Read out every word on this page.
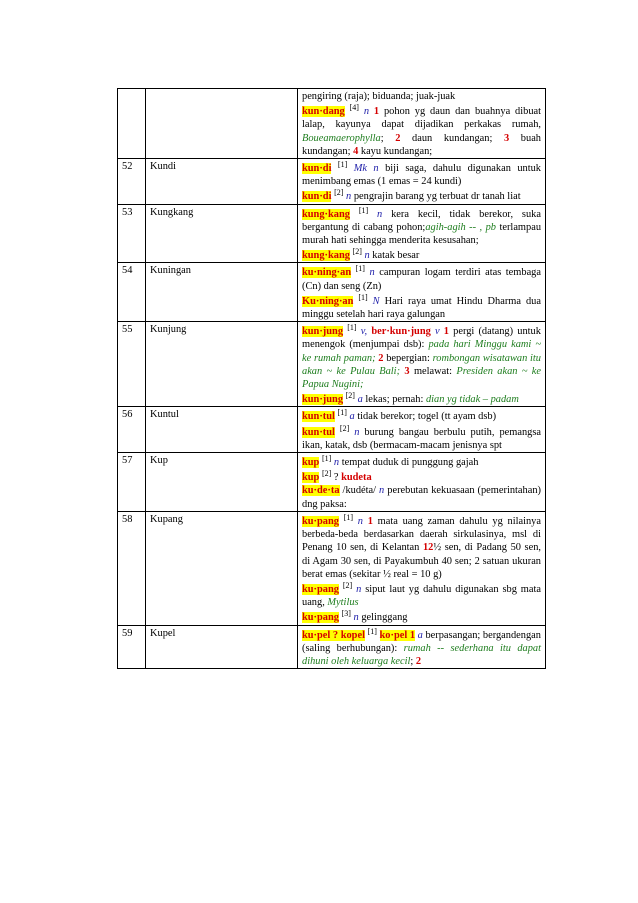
		pengiring (raja); biduanda; juak-juak

kun·dang [4] n 1 pohon yg daun dan buahnya dibuat lalap, kayunya dapat dijadikan perkakas rumah, Boueamaerophylla; 2 daun kundangan; 3 buah kundangan; 4 kayu kundangan;

52	Kundi	kun·di [1] Mk n biji saga, dahulu digunakan untuk menimbang emas (1 emas = 24 kundi)

kun·di [2] n pengrajin barang yg terbuat dr tanah liat

53	Kungkang	kung·kang [1] n kera kecil, tidak berekor, suka bergantung di cabang pohon;agih-agih -- , pb terlampau murah hati sehingga menderita kesusahan;

kung·kang [2] n katak besar

54	Kuningan	ku·ning·an [1] n campuran logam terdiri atas tembaga (Cn) dan seng (Zn)

Ku·ning·an [1] N Hari raya umat Hindu Dharma dua minggu setelah hari raya galungan

55	Kunjung	kun·jung [1] v, ber·kun·jung v 1 pergi (datang) untuk menengok (menjumpai dsb): pada hari Minggu kami ~ ke rumah paman; 2 bepergian: rombongan wisatawan itu akan ~ ke Pulau Bali; 3 melawat: Presiden akan ~ ke Papua Nugini;

kun·jung [2] a lekas; pernah: dian yg tidak – padam

56	Kuntul	kun·tul [1] a tidak berekor; togel (tt ayam dsb)

kun·tul [2] n burung bangau berbulu putih, pemangsa ikan, katak, dsb (bermacam-macam jenisnya spt

57	Kup	kup [1] n tempat duduk di punggung gajah

kup [2] ? kudeta

ku·de·ta /kudéta/ n perebutan kekuasaan (pemerintahan) dng paksa:

58	Kupang	ku·pang [1] n 1 mata uang zaman dahulu yg nilainya berbeda-beda berdasarkan daerah sirkulasinya, msl di Penang 10 sen, di Kelantan 12½ sen, di Padang 50 sen, di Agam 30 sen, di Payakumbuh 40 sen; 2 satuan ukuran berat emas (sekitar ½ real = 10 g)

ku·pang [2] n siput laut yg dahulu digunakan sbg mata uang, Mytilus

ku·pang [3] n gelinggang

59	Kupel	ku·pel ? kopel [1] ko·pel 1 a berpasangan; bergandengan (saling berhubungan): rumah -- sederhana itu dapat dihuni oleh keluarga kecil; 2
